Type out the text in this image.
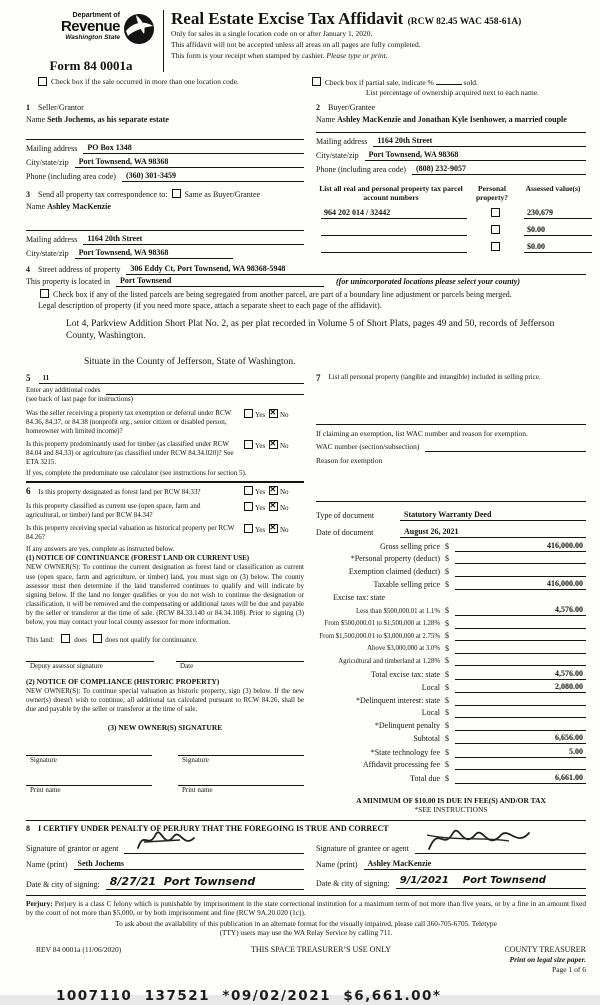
Department of
Revenue
Washington State
Form 84 0001a
Real Estate Excise Tax Affidavit (RCW 82.45 WAC 458-61A)
Only for sales in a single location code on or after January 1, 2020.
This affidavit will not be accepted unless all areas on all pages are fully completed.
This form is your receipt when stamped by cashier. Please type or print.
Check box if the sale occurred in more than one location code.	Check box if partial sale, indicate %	sold.
List percentage of ownership acquired next to each name.
1 Seller/Grantor
Name Seth Jochems, as his separate estate
Mailing address	PO Box 1348
City/state/zip	Port Townsend, WA 98368
Phone (including area code)	(360) 301-3459
2 Buyer/Grantee
Name Ashley MacKenzie and Jonathan Kyle Isenhower, a married couple
Mailing address	1164 20th Street
City/state/zip	Port Townsend, WA 98368
Phone (including area code)	(808) 232-9057
3 Send all property tax correspondence to: Same as Buyer/Grantee
Name Ashley MacKenzie
Mailing address	1164 20th Street
City/state/zip	Port Townsend, WA 98368
List all real and personal property tax parcel account numbers
Personal property?
Assessed value(s)
964 202 014 / 32442	230,679
$0.00
$0.00
4 Street address of property	306 Eddy Ct, Port Townsend, WA 98368-5948
This property is located in	Port Townsend	(for unincorporated locations please select your county)
Check box if any of the listed parcels are being segregated from another parcel, are part of a boundary line adjustment or parcels being merged.
Legal description of property (if you need more space, attach a separate sheet to each page of the affidavit).
Lot 4, Parkview Addition Short Plat No. 2, as per plat recorded in Volume 5 of Short Plats, pages 49 and 50, records of Jefferson County, Washington.
Situate in the County of Jefferson, State of Washington.
5	11
Enter any additional codes

(see back of last page for instructions)
Was the seller receiving a property tax exemption or deferral under RCW 84.36, 84.37, or 84.38 (nonprofit org., senior citizen or disabled person, homeowner with limited income)?
Yes ✕ No
Is this property predominantly used for timber (as classified under RCW 84.04 and 84.33) or agriculture (as classified under RCW 84.34.020)? See ETA 3215.
Yes ✕ No
If yes, complete the predominate use calculator (see instructions for section 5).
6 Is this property designated as forest land per RCW 84.33?	Yes ✕ No
Is this property classified as current use (open space, farm and agricultural, or timber) land per RCW 84.34?
Yes ✕ No
Is this property receiving special valuation as historical property per RCW 84.26?
Yes ✕ No
If any answers are yes, complete as instructed below.
(1) NOTICE OF CONTINUANCE (FOREST LAND OR CURRENT USE)
NEW OWNER(S): To continue the current designation as forest land or classification as current use (open space, farm and agriculture, or timber) land, you must sign on (3) below. The county assessor must then determine if the land transferred continues to qualify and will indicate by signing below. If the land no longer qualifies or you do not wish to continue the designation or classification, it will be removed and the compensating or additional taxes will be due and payable by the seller or transferor at the time of sale. (RCW 84.33.140 or 84.34.108). Prior to signing (3) below, you may contact your local county assessor for more information.
This land:	does	does not qualify for continuance.
Deputy assessor signature	Date
(2) NOTICE OF COMPLIANCE (HISTORIC PROPERTY)
NEW OWNER(S): To continue special valuation as historic property, sign (3) below. If the new owner(s) doesn't wish to continue, all additional tax calculated pursuant to RCW 84.26, shall be due and payable by the seller or transferor at the time of sale.
(3) NEW OWNER(S) SIGNATURE
Signature	Signature
Print name	Print name
7 List all personal property (tangible and intangible) included in selling price.
If claiming an exemption, list WAC number and reason for exemption.
WAC number (section/subsection)

Reason for exemption
Type of document	Statutory Warranty Deed
Date of document	August 26, 2021
Gross selling price $	416,000.00
*Personal property (deduct) $
Exemption claimed (deduct) $
Taxable selling price $	416,000.00
Excise tax: state
Less than $500,000.01 at 1.1% $	4,576.00
From $500,000.01 to $1,500,000 at 1.28% $
From $1,500,000.01 to $3,000,000 at 2.75% $
Above $3,000,000 at 3.0% $
Agricultural and timberland at 1.28% $
Total excise tax: state $	4,576.00
Local $	2,080.00
*Delinquent interest: state $
Local $
*Delinquent penalty $
Subtotal $	6,656.00
*State technology fee $	5.00
Affidavit processing fee $
Total due $	6,661.00
A MINIMUM OF $10.00 IS DUE IN FEE(S) AND/OR TAX
*SEE INSTRUCTIONS
8 I CERTIFY UNDER PENALTY OF PERJURY THAT THE FOREGOING IS TRUE AND CORRECT
Signature of grantor or agent
Name (print)	Seth Jochems
Date & city of signing: 8/27/21  Port Townsend
Signature of grantee or agent
Name (print)	Ashley MacKenzie
Date & city of signing:	9/1/2021    Port Townsend
Perjury: Perjury is a class C felony which is punishable by imprisonment in the state correctional institution for a maximum term of not more than five years, or by a fine in an amount fixed by the court of not more than $5,000, or by both imprisonment and fine (RCW 9A.20.020 (1c)).
To ask about the availability of this publication in an alternate format for the visually impaired, please call 360-705-6705. Teletype
(TTY) users may use the WA Relay Service by calling 711.
REV 84 0001a (11/06/2020)	THIS SPACE TREASURER’S USE ONLY	COUNTY TREASURER
Print on legal size paper.
Page 1 of 6
1007110  137521  *09/02/2021  $6,661.00*
